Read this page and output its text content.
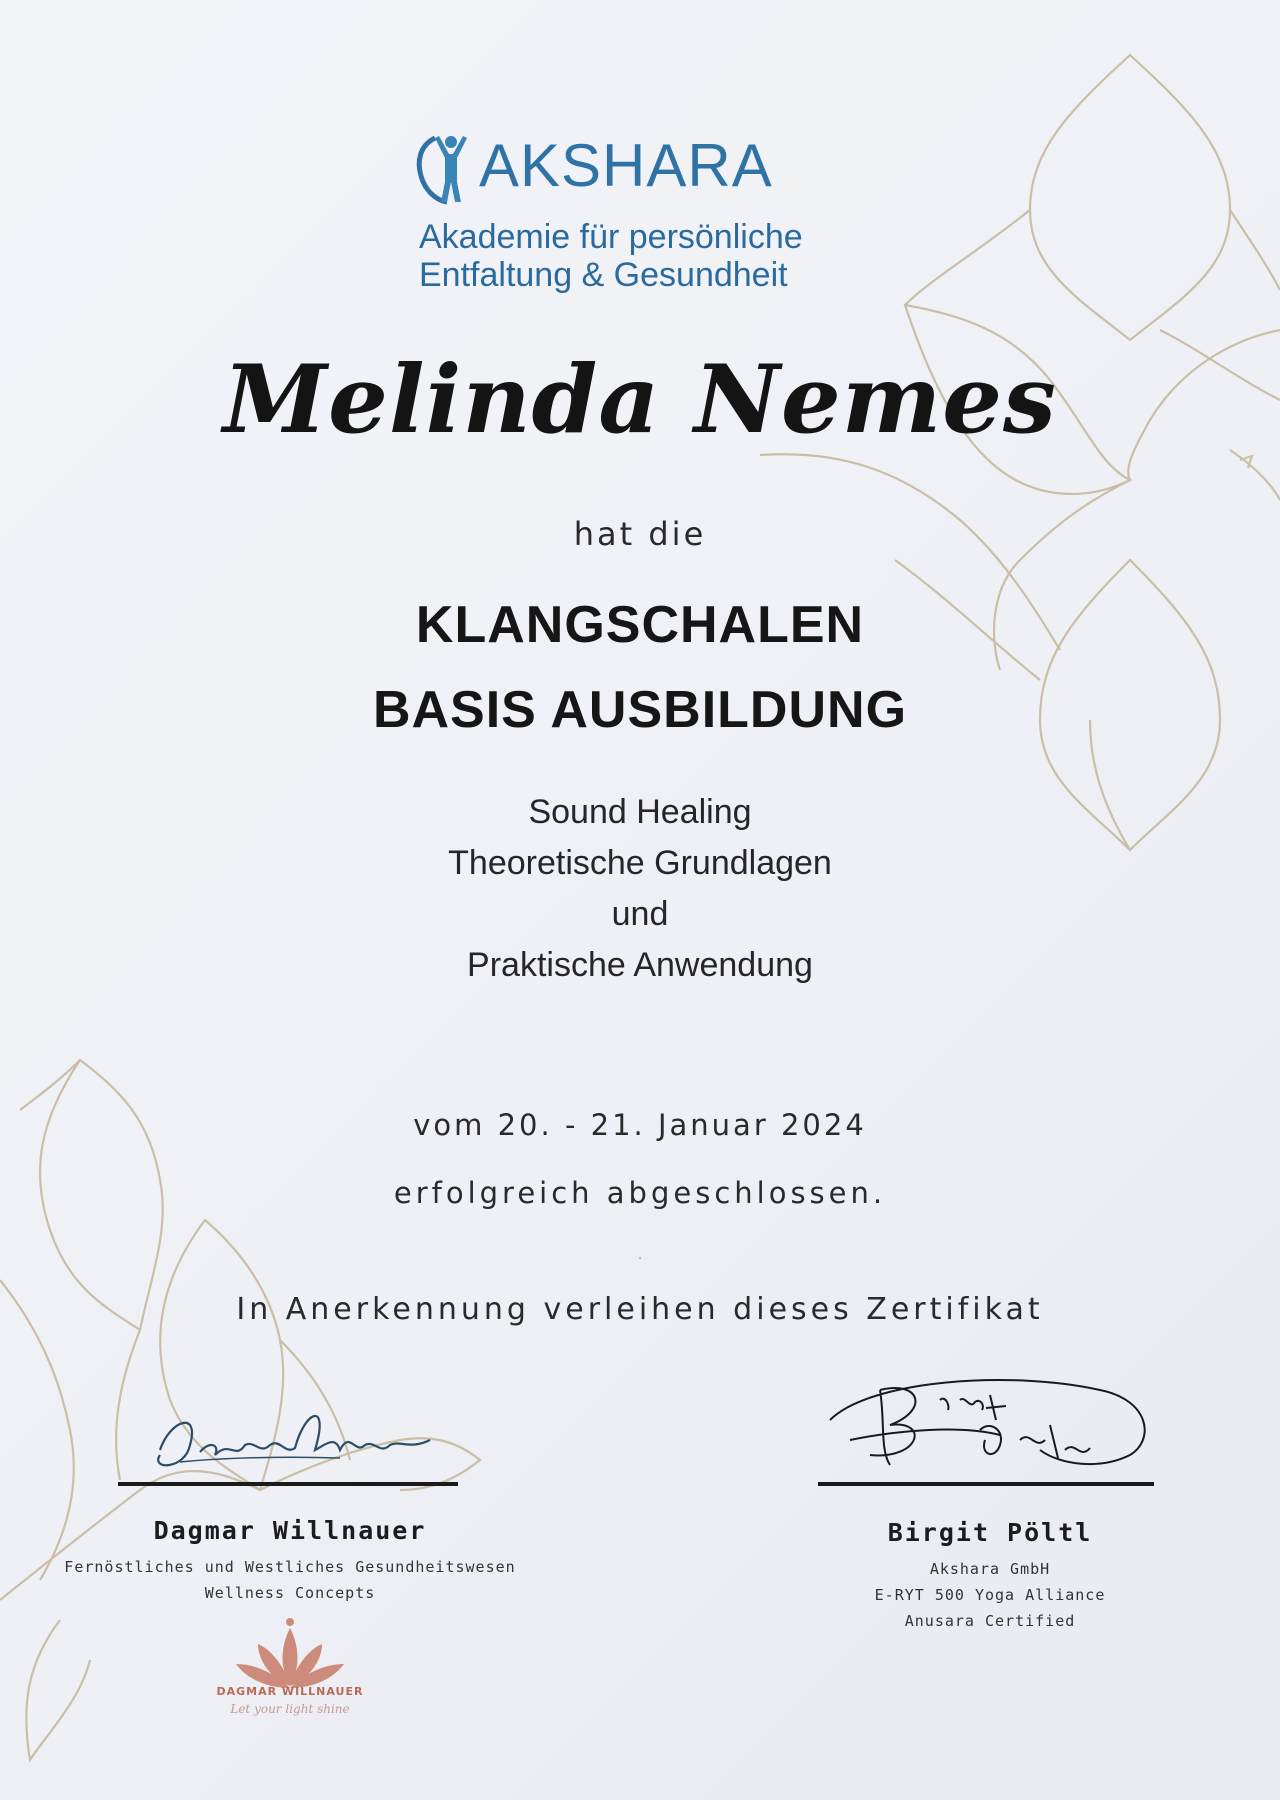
AKSHARA
Akademie für persönliche
Entfaltung & Gesundheit
Melinda Nemes
hat die
KLANGSCHALEN
BASIS AUSBILDUNG
Sound Healing
Theoretische Grundlagen
und
Praktische Anwendung
vom 20. - 21. Januar 2024
erfolgreich abgeschlossen.
.
In Anerkennung verleihen dieses Zertifikat
Dagmar Willnauer
Fernöstliches und Westliches Gesundheitswesen
Wellness Concepts
DAGMAR WILLNAUER
Let your light shine
Birgit Pöltl
Akshara GmbH
E-RYT 500 Yoga Alliance
Anusara Certified
